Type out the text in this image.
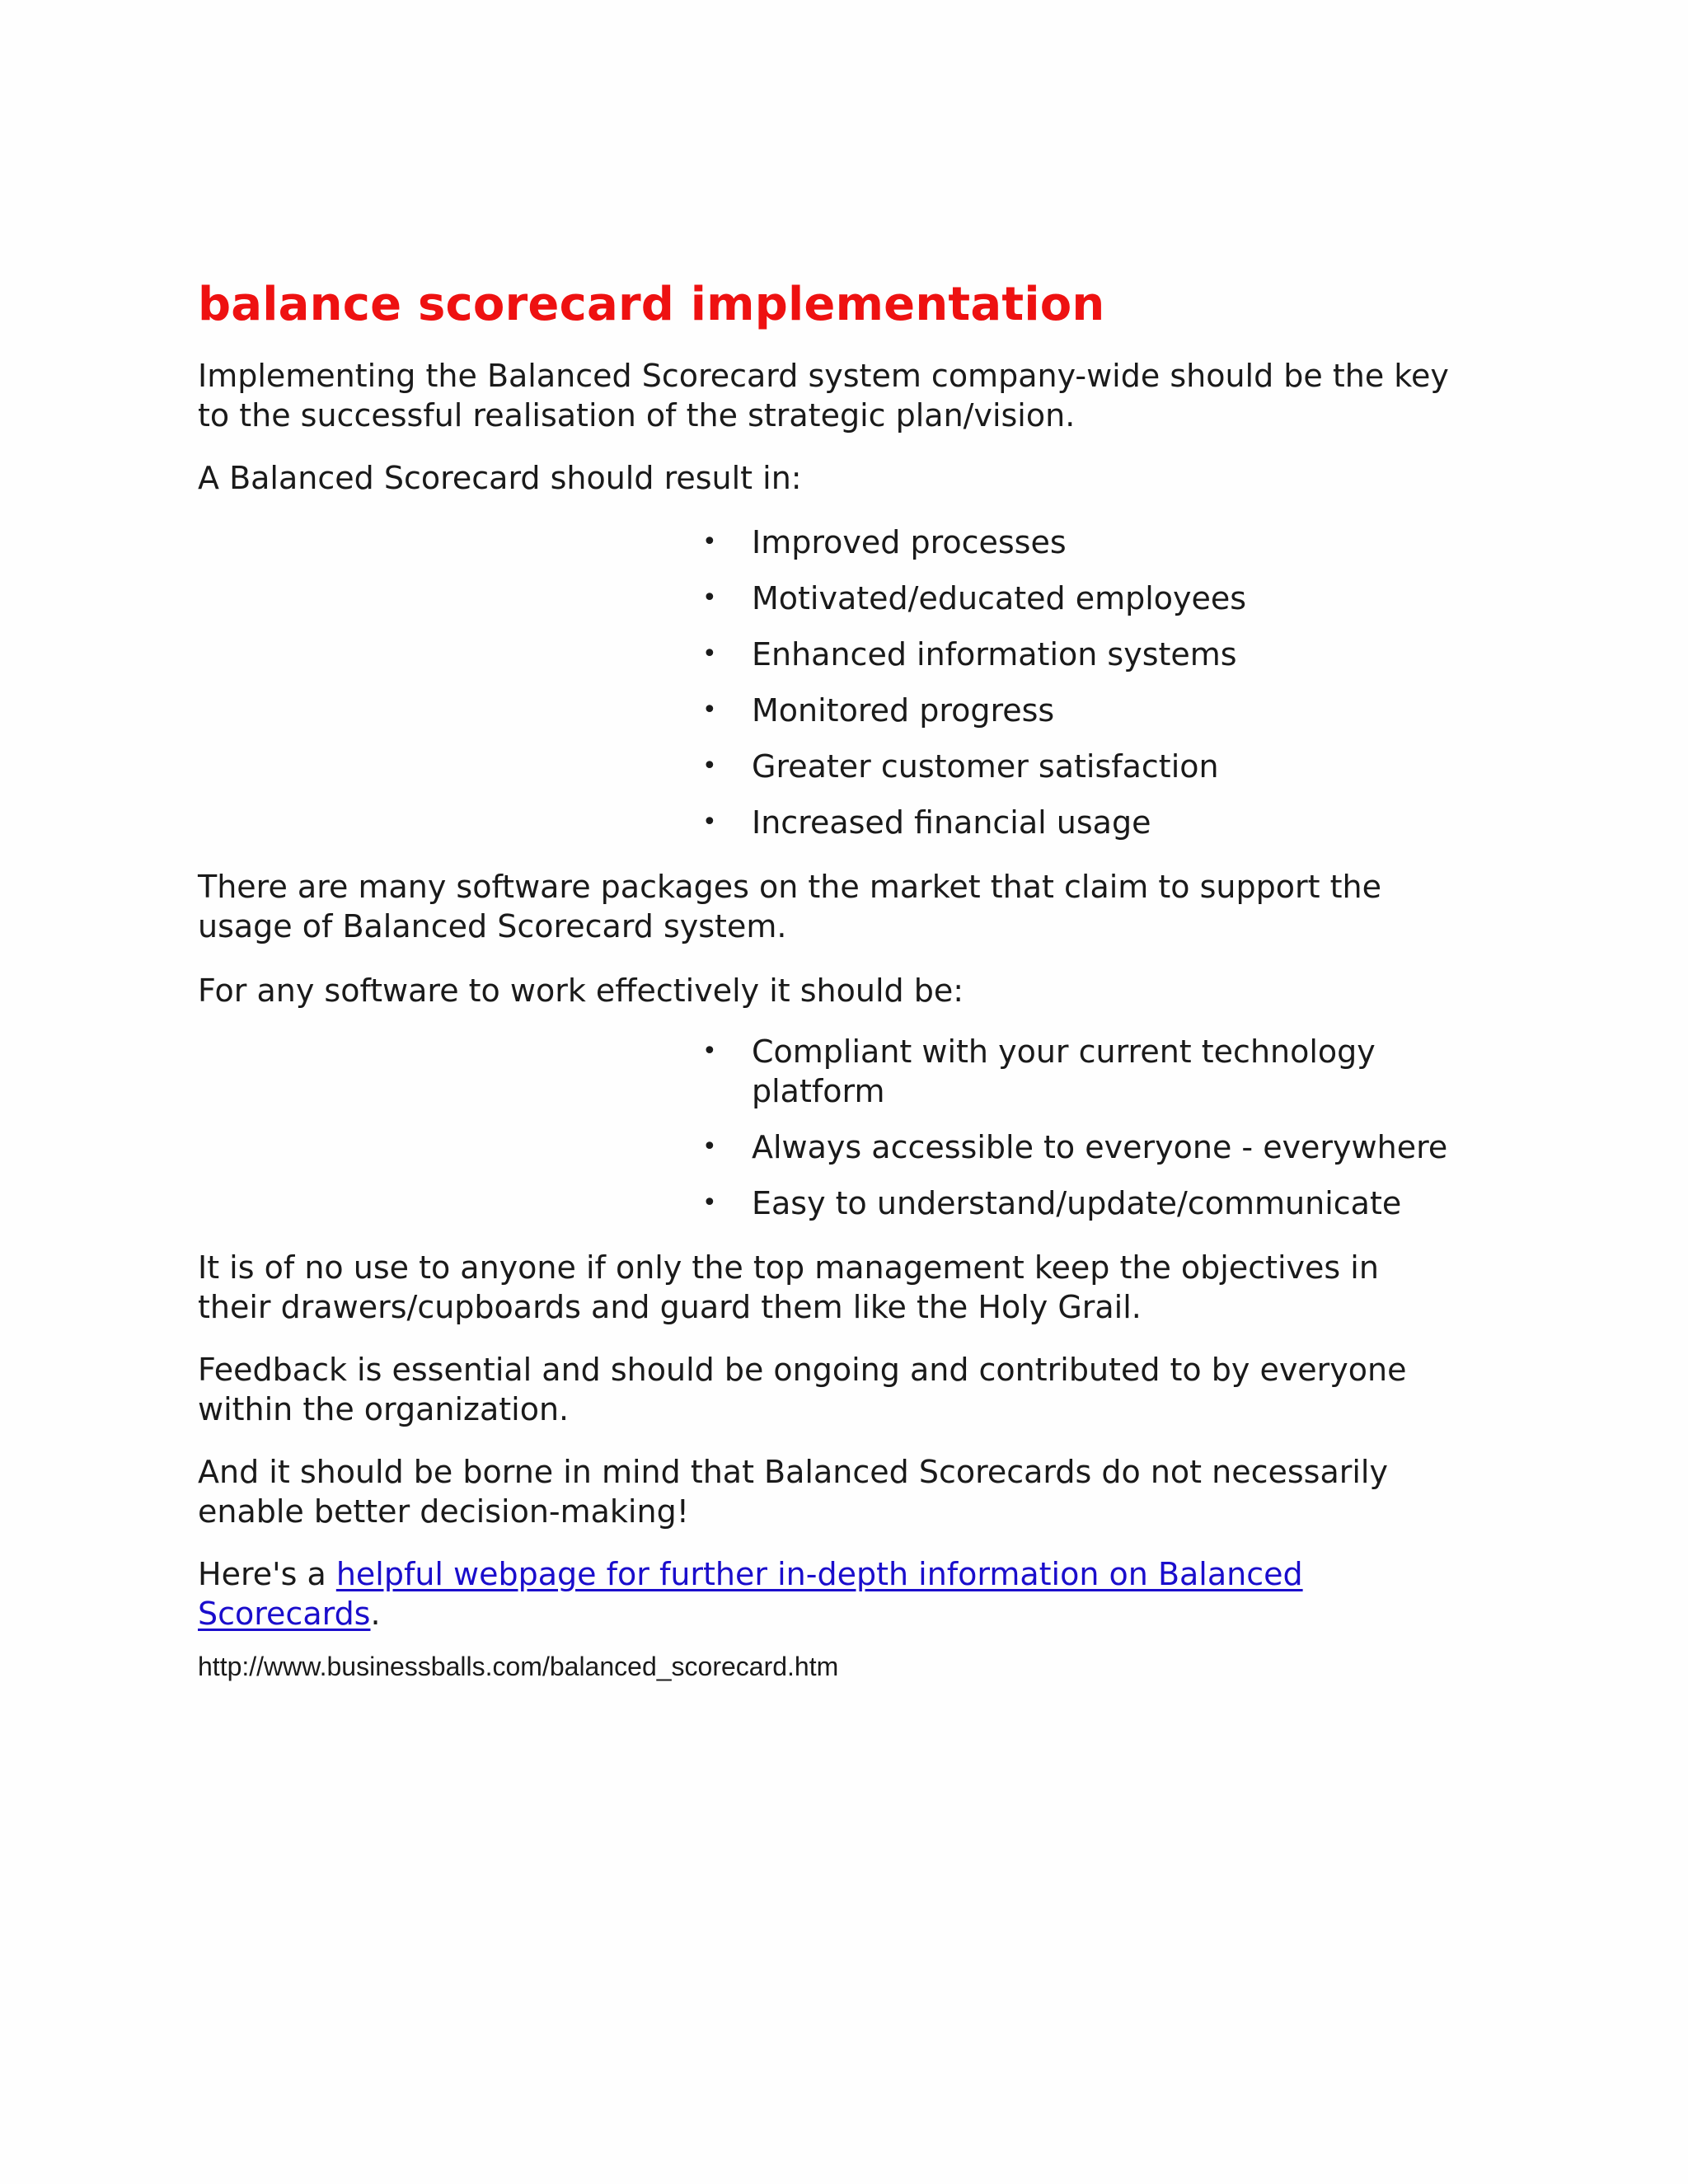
balance scorecard implementation

Implementing the Balanced Scorecard system company-wide should be the key to the successful realisation of the strategic plan/vision.

A Balanced Scorecard should result in:

• Improved processes
• Motivated/educated employees
• Enhanced information systems
• Monitored progress
• Greater customer satisfaction
• Increased financial usage

There are many software packages on the market that claim to support the usage of Balanced Scorecard system.

For any software to work effectively it should be:

• Compliant with your current technology platform
• Always accessible to everyone - everywhere
• Easy to understand/update/communicate

It is of no use to anyone if only the top management keep the objectives in their drawers/cupboards and guard them like the Holy Grail.

Feedback is essential and should be ongoing and contributed to by everyone within the organization.

And it should be borne in mind that Balanced Scorecards do not necessarily enable better decision-making!

Here's a helpful webpage for further in-depth information on Balanced Scorecards.

http://www.businessballs.com/balanced_scorecard.htm
